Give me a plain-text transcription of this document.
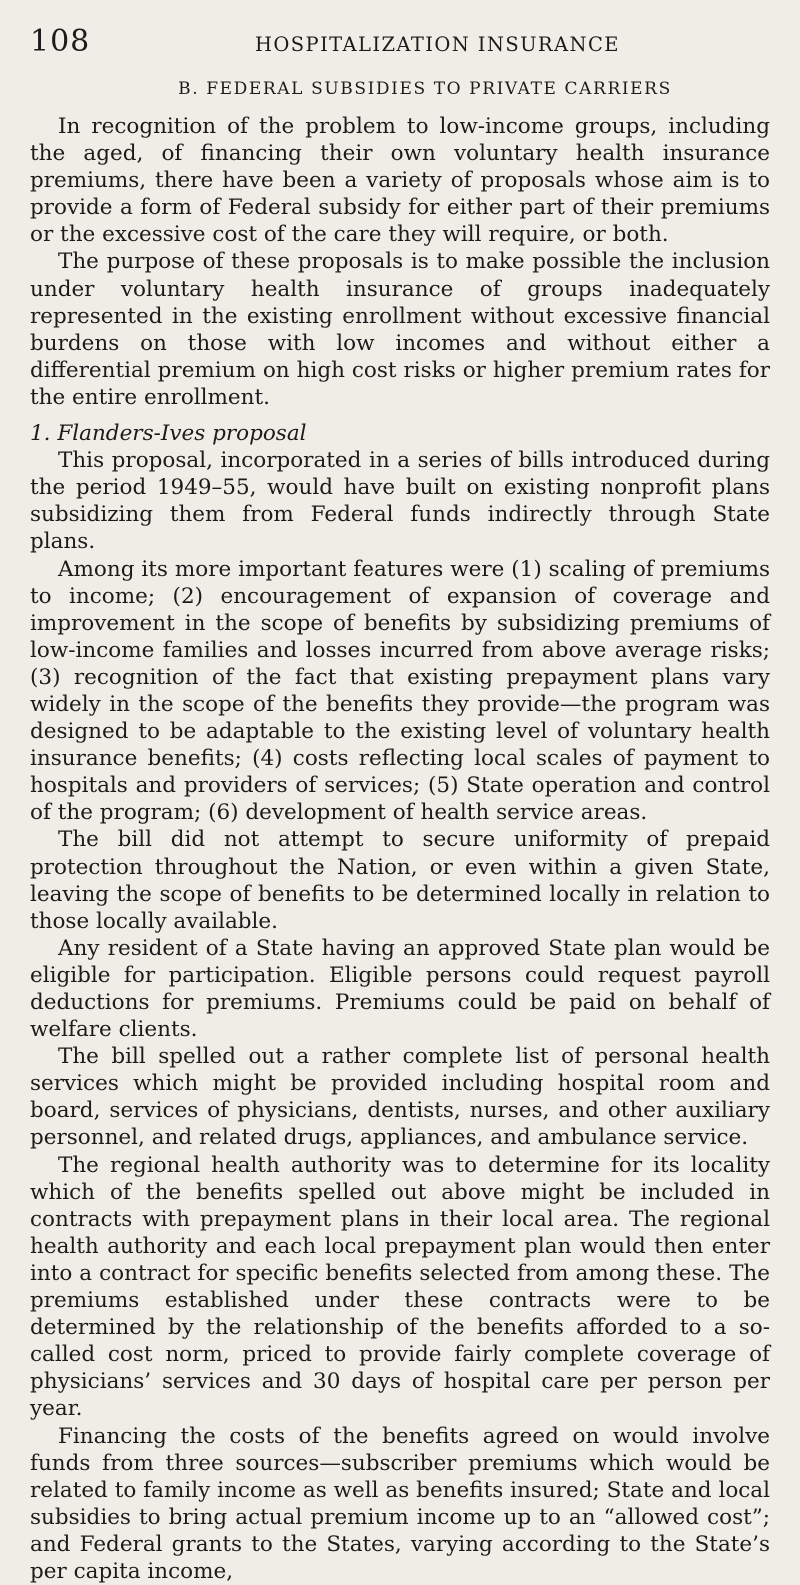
108	HOSPITALIZATION INSURANCE
B. FEDERAL SUBSIDIES TO PRIVATE CARRIERS

In recognition of the problem to low-income groups, including the aged, of financing their own voluntary health insurance premiums, there have been a variety of proposals whose aim is to provide a form of Federal subsidy for either part of their premiums or the excessive cost of the care they will require, or both.

The purpose of these proposals is to make possible the inclusion under voluntary health insurance of groups inadequately represented in the existing enrollment without excessive financial burdens on those with low incomes and without either a differential premium on high cost risks or higher premium rates for the entire enrollment.

1. Flanders-Ives proposal

This proposal, incorporated in a series of bills introduced during the period 1949–55, would have built on existing nonprofit plans subsidizing them from Federal funds indirectly through State plans.

Among its more important features were (1) scaling of premiums to income; (2) encouragement of expansion of coverage and improvement in the scope of benefits by subsidizing premiums of low-income families and losses incurred from above average risks; (3) recognition of the fact that existing prepayment plans vary widely in the scope of the benefits they provide—the program was designed to be adaptable to the existing level of voluntary health insurance benefits; (4) costs reflecting local scales of payment to hospitals and providers of services; (5) State operation and control of the program; (6) development of health service areas.

The bill did not attempt to secure uniformity of prepaid protection throughout the Nation, or even within a given State, leaving the scope of benefits to be determined locally in relation to those locally available.

Any resident of a State having an approved State plan would be eligible for participation. Eligible persons could request payroll deductions for premiums. Premiums could be paid on behalf of welfare clients.

The bill spelled out a rather complete list of personal health services which might be provided including hospital room and board, services of physicians, dentists, nurses, and other auxiliary personnel, and related drugs, appliances, and ambulance service.

The regional health authority was to determine for its locality which of the benefits spelled out above might be included in contracts with prepayment plans in their local area. The regional health authority and each local prepayment plan would then enter into a contract for specific benefits selected from among these. The premiums established under these contracts were to be determined by the relationship of the benefits afforded to a so-called cost norm, priced to provide fairly complete coverage of physicians’ services and 30 days of hospital care per person per year.

Financing the costs of the benefits agreed on would involve funds from three sources—subscriber premiums which would be related to family income as well as benefits insured; State and local subsidies to bring actual premium income up to an “allowed cost”; and Federal grants to the States, varying according to the State’s per capita income,
